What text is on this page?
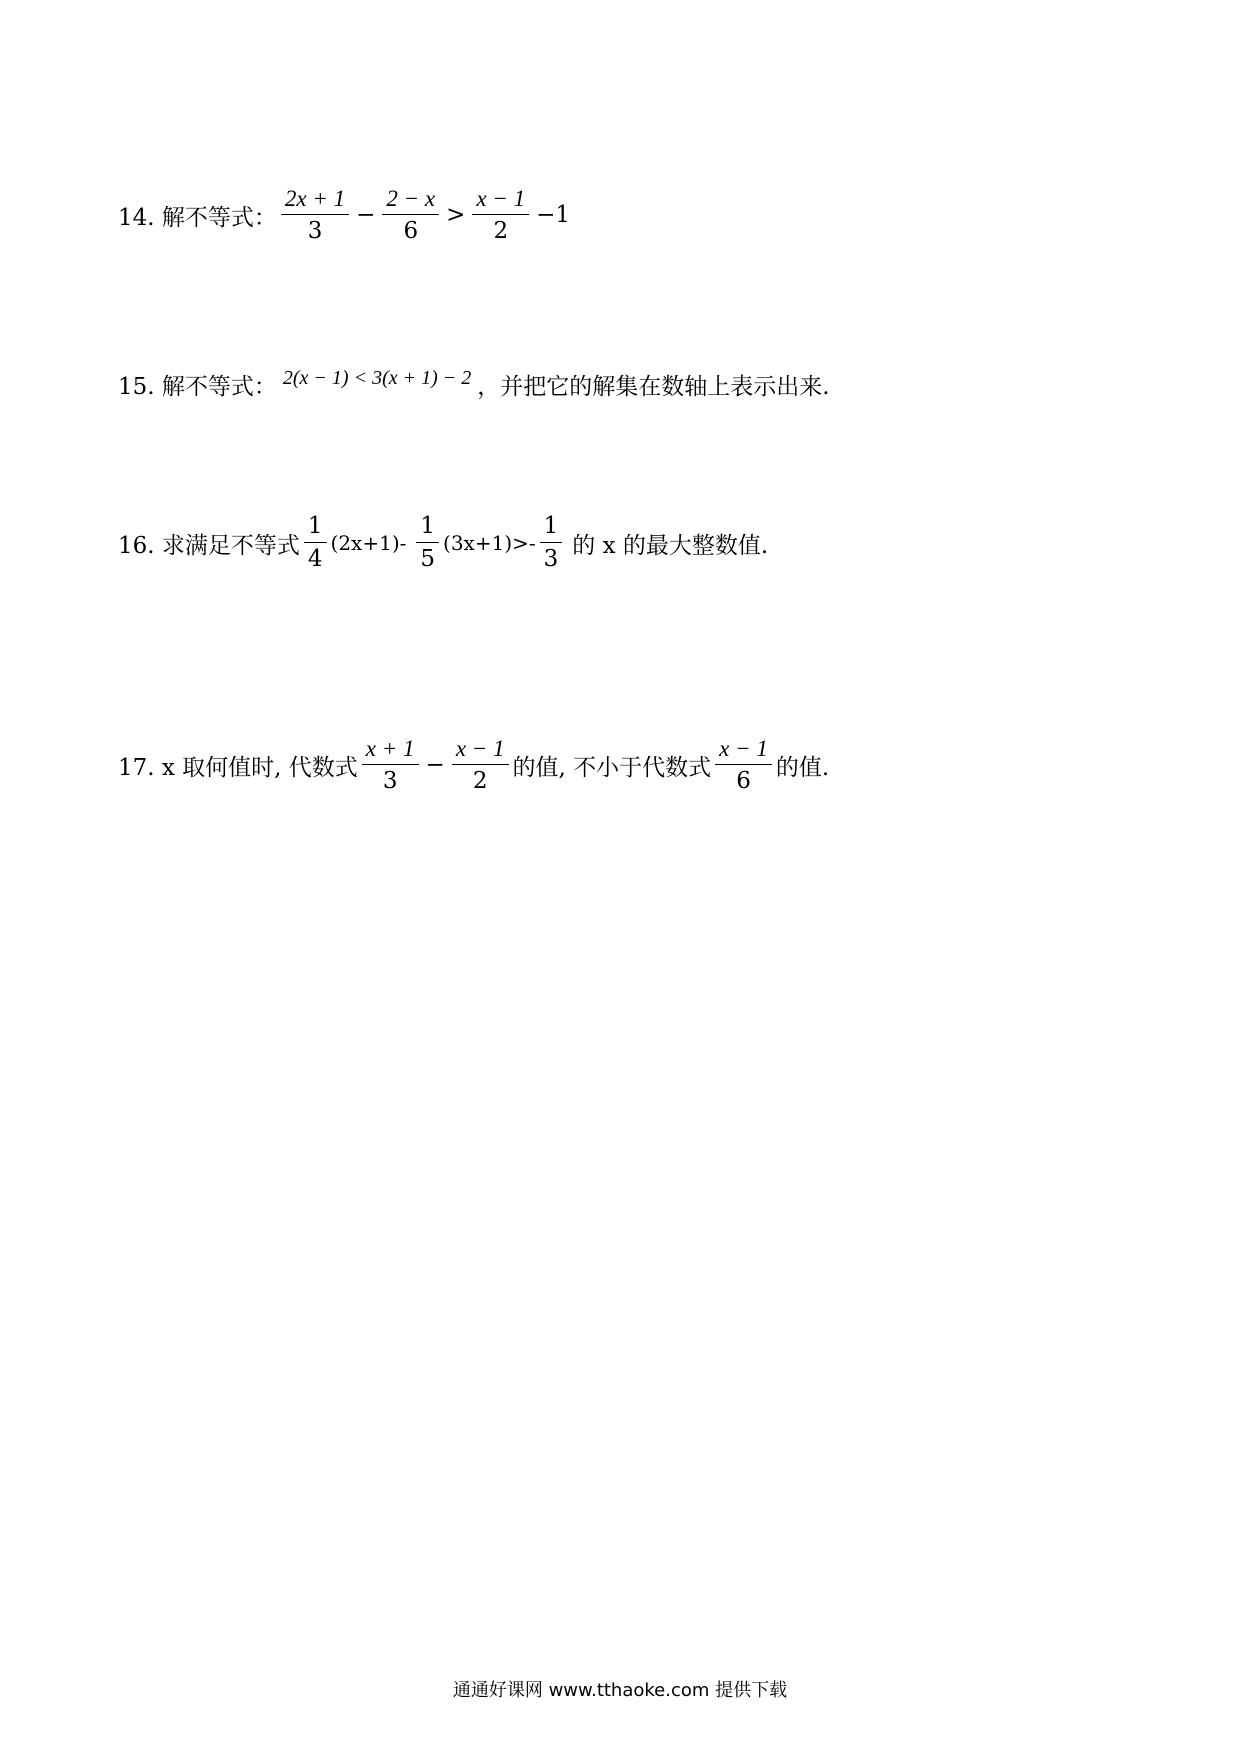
14. 解不等式： $\frac{2x + 1}{3} - \frac{2 - x}{6} > \frac{x - 1}{2} -1$
15. 解不等式： 2(x − 1) < 3(x + 1) − 2 ，并把它的解集在数轴上表示出来.
16. 求满足不等式 $\frac{1}{4} (2x+1)- \frac{1}{5} (3x+1)>- \frac{1}{3}$ 的 x 的最大整数值.
17. x 取何值时, 代数式 $\frac{x + 1}{3} - \frac{x - 1}{2}$ 的值, 不小于代数式 $\frac{x - 1}{6}$ 的值.
通通好课网 www.tthaoke.com 提供下载
